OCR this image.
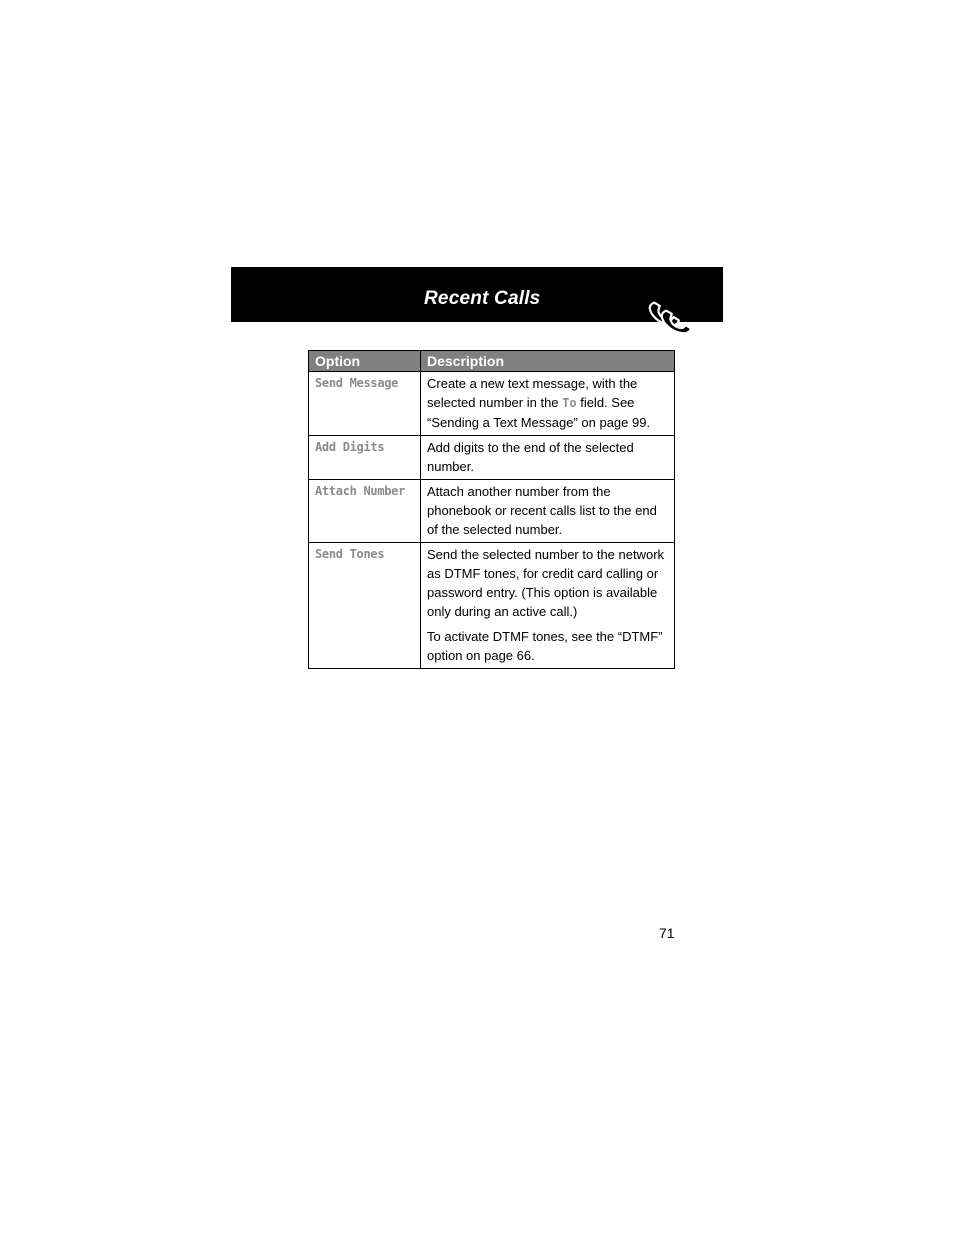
Recent Calls
Option	Description
Send Message	Create a new text message, with the selected number in the To field. See “Sending a Text Message” on page 99.
Add Digits	Add digits to the end of the selected number.
Attach Number	Attach another number from the phonebook or recent calls list to the end of the selected number.
Send Tones	Send the selected number to the network as DTMF tones, for credit card calling or password entry. (This option is available only during an active call.)
To activate DTMF tones, see the “DTMF” option on page 66.
71
